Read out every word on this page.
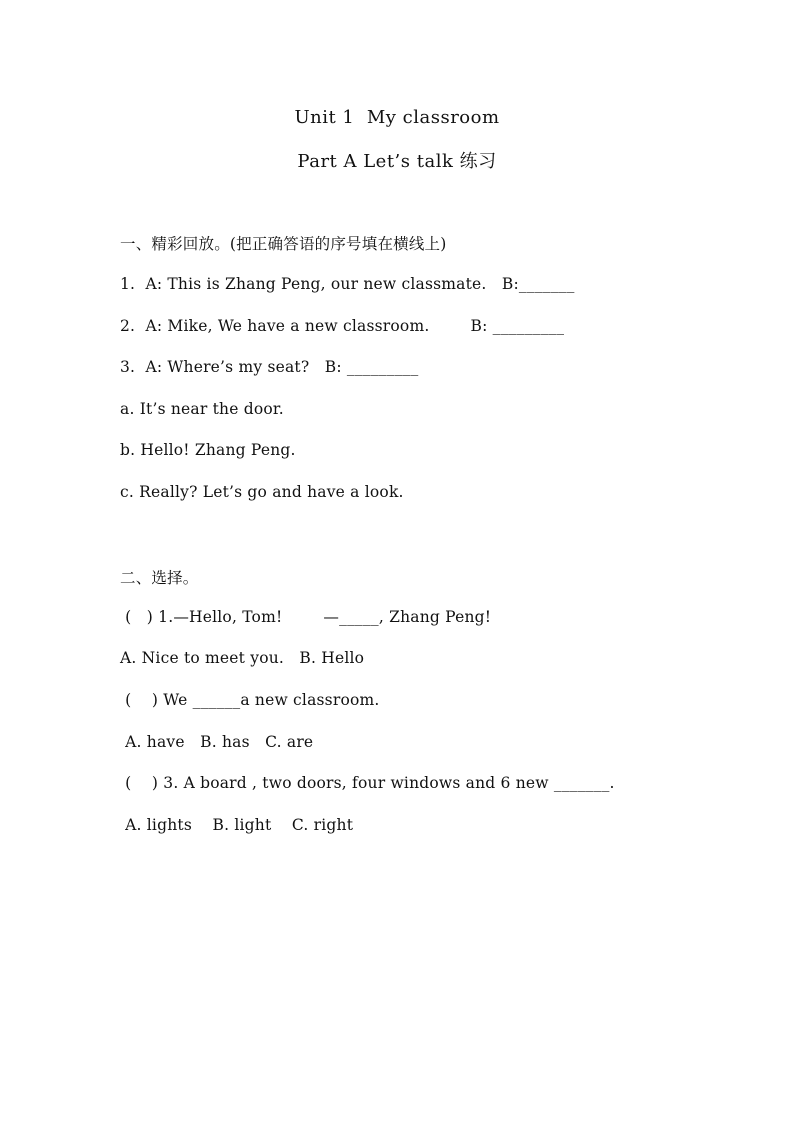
Unit 1  My classroom
Part A Let’s talk 练习
一、精彩回放。(把正确答语的序号填在横线上)
1.  A: This is Zhang Peng, our new classmate.   B:_______
2.  A: Mike, We have a new classroom.        B: _________
3.  A: Where’s my seat?   B: _________
a. It’s near the door.
b. Hello! Zhang Peng.
c. Really? Let’s go and have a look.
二、选择。
(   ) 1.—Hello, Tom!        —_____, Zhang Peng!
A. Nice to meet you.   B. Hello
(    ) We ______a new classroom.
A. have   B. has   C. are
(    ) 3. A board , two doors, four windows and 6 new _______.
A. lights    B. light    C. right
